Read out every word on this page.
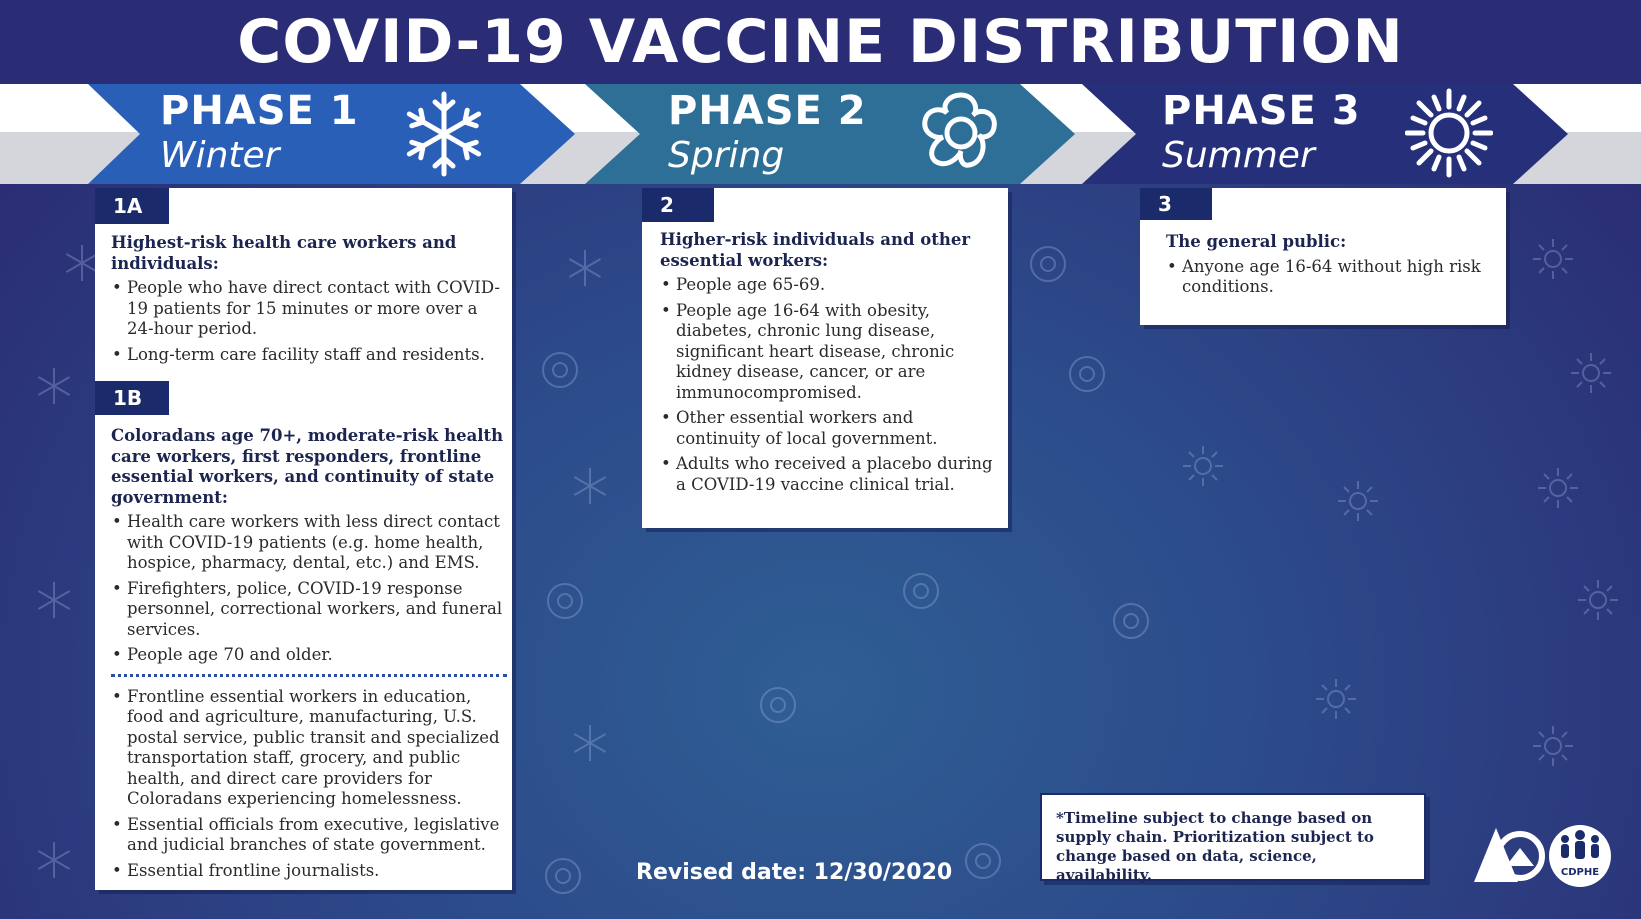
COVID-19 VACCINE DISTRIBUTION
PHASE 1
Winter
PHASE 2
Spring
PHASE 3
Summer
1A
Highest-risk health care workers and individuals:
• People who have direct contact with COVID-19 patients for 15 minutes or more over a 24-hour period.
• Long-term care facility staff and residents.
1B
Coloradans age 70+, moderate-risk health care workers, first responders, frontline essential workers, and continuity of state government:
• Health care workers with less direct contact with COVID-19 patients (e.g. home health, hospice, pharmacy, dental, etc.) and EMS.
• Firefighters, police, COVID-19 response personnel, correctional workers, and funeral services.
• People age 70 and older.
• Frontline essential workers in education, food and agriculture, manufacturing, U.S. postal service, public transit and specialized transportation staff, grocery, and public health, and direct care providers for Coloradans experiencing homelessness.
• Essential officials from executive, legislative and judicial branches of state government.
• Essential frontline journalists.
2
Higher-risk individuals and other essential workers:
• People age 65-69.
• People age 16-64 with obesity, diabetes, chronic lung disease, significant heart disease, chronic kidney disease, cancer, or are immunocompromised.
• Other essential workers and continuity of local government.
• Adults who received a placebo during a COVID-19 vaccine clinical trial.
3
The general public:
• Anyone age 16-64 without high risk conditions.
Revised date: 12/30/2020
*Timeline subject to change based on supply chain. Prioritization subject to change based on data, science, availability.	CDPHE
